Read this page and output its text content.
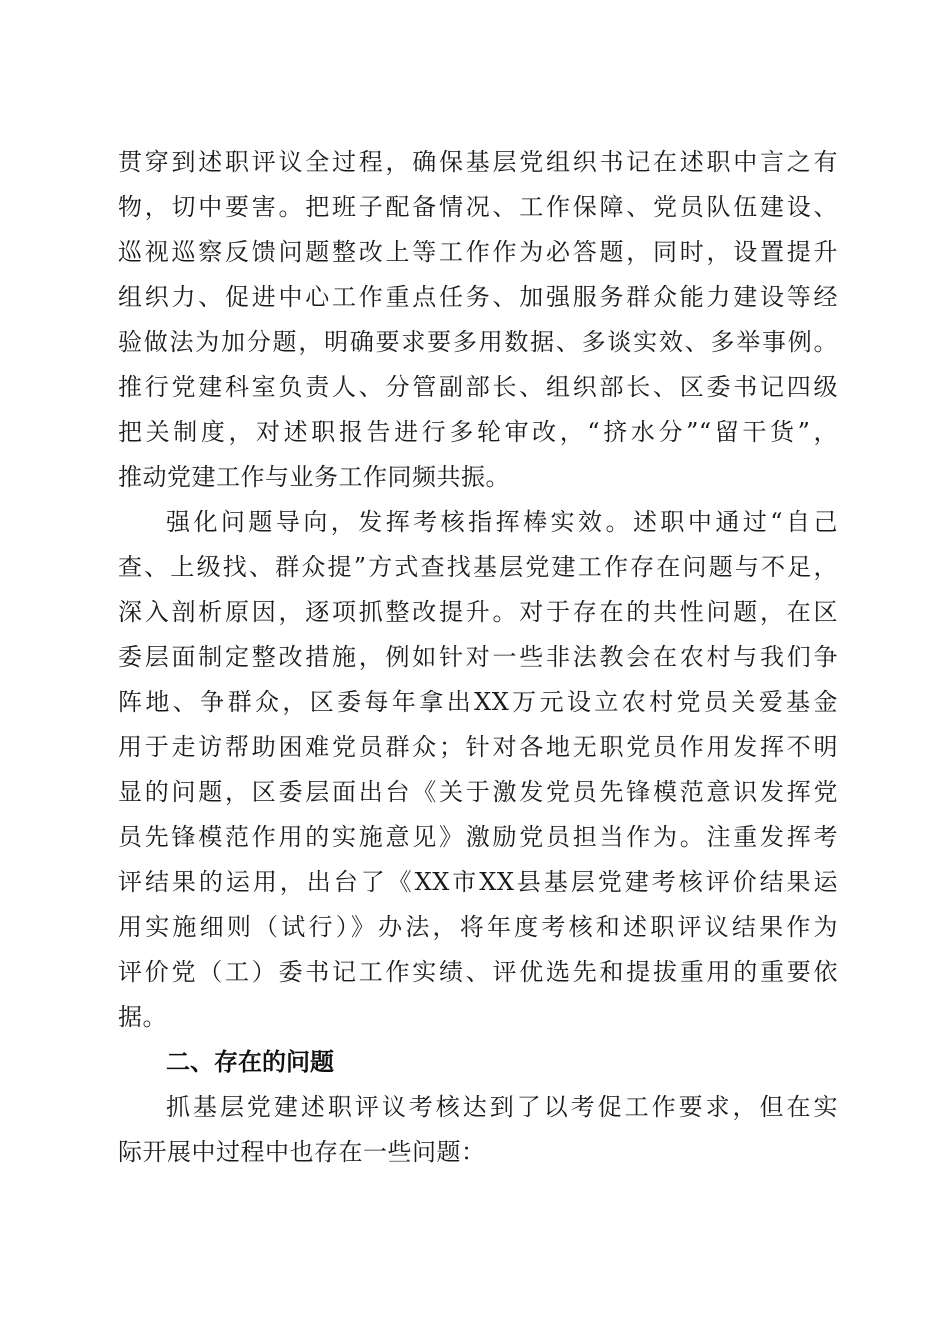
贯穿到述职评议全过程，确保基层党组织书记在述职中言之有
物，切中要害。把班子配备情况、工作保障、党员队伍建设、
巡视巡察反馈问题整改上等工作作为必答题，同时，设置提升
组织力、促进中心工作重点任务、加强服务群众能力建设等经
验做法为加分题，明确要求要多用数据、多谈实效、多举事例。
推行党建科室负责人、分管副部长、组织部长、区委书记四级
把关制度，对述职报告进行多轮审改，“挤水分”“留干货”，
推动党建工作与业务工作同频共振。
强化问题导向，发挥考核指挥棒实效。述职中通过“自己
查、上级找、群众提”方式查找基层党建工作存在问题与不足，
深入剖析原因，逐项抓整改提升。对于存在的共性问题，在区
委层面制定整改措施，例如针对一些非法教会在农村与我们争
阵地、争群众，区委每年拿出XX万元设立农村党员关爱基金
用于走访帮助困难党员群众；针对各地无职党员作用发挥不明
显的问题，区委层面出台《关于激发党员先锋模范意识发挥党
员先锋模范作用的实施意见》激励党员担当作为。注重发挥考
评结果的运用，出台了《XX市XX县基层党建考核评价结果运
用实施细则（试行）》办法，将年度考核和述职评议结果作为
评价党（工）委书记工作实绩、评优选先和提拔重用的重要依
据。
二、存在的问题
抓基层党建述职评议考核达到了以考促工作要求，但在实
际开展中过程中也存在一些问题：
